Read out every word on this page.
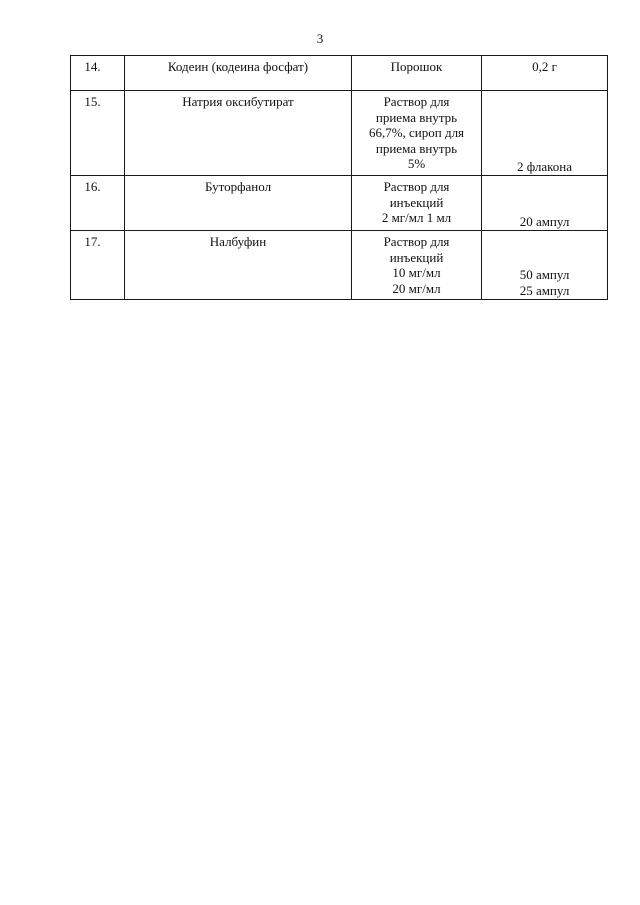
3
14.	Кодеин (кодеина фосфат)	Порошок	0,2 г

15.	Натрия оксибутират	Раствор для
приема внутрь
66,7%, сироп для
приема внутрь
5%	2 флакона

16.	Буторфанол	Раствор для
инъекций
2 мг/мл 1 мл	20 ампул

17.	Налбуфин	Раствор для
инъекций
10 мг/мл
20 мг/мл	50 ампул
25 ампул
